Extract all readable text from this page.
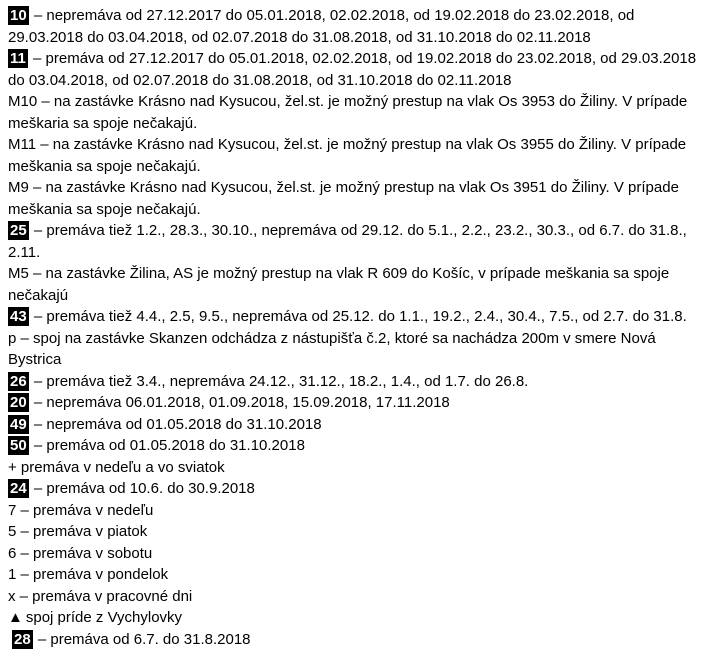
10 – nepremáva od 27.12.2017 do 05.01.2018, 02.02.2018, od 19.02.2018 do 23.02.2018, od 29.03.2018 do 03.04.2018, od 02.07.2018 do 31.08.2018, od 31.10.2018 do 02.11.2018

11 – premáva od 27.12.2017 do 05.01.2018, 02.02.2018, od 19.02.2018 do 23.02.2018, od 29.03.2018 do 03.04.2018, od 02.07.2018 do 31.08.2018, od 31.10.2018 do 02.11.2018

M10 – na zastávke Krásno nad Kysucou, žel.st. je možný prestup na vlak Os 3953 do Žiliny. V prípade meškaria sa spoje nečakajú.

M11 – na zastávke Krásno nad Kysucou, žel.st. je možný prestup na vlak Os 3955 do Žiliny. V prípade meškania sa spoje nečakajú.

M9 – na zastávke Krásno nad Kysucou, žel.st. je možný prestup na vlak Os 3951 do Žiliny. V prípade meškania sa spoje nečakajú.

25 – premáva tiež 1.2., 28.3., 30.10., nepremáva od 29.12. do 5.1., 2.2., 23.2., 30.3., od 6.7. do 31.8., 2.11.

M5 – na zastávke Žilina, AS je možný prestup na vlak R 609 do Košíc, v prípade meškania sa spoje nečakajú

43 – premáva tiež 4.4., 2.5, 9.5., nepremáva od 25.12. do 1.1., 19.2., 2.4., 30.4., 7.5., od 2.7. do 31.8.

p – spoj na zastávke Skanzen odchádza z nástupišťa č.2, ktoré sa nachádza 200m v smere Nová Bystrica

26 – premáva tiež 3.4., nepremáva 24.12., 31.12., 18.2., 1.4., od 1.7. do 26.8.

20 – nepremáva 06.01.2018, 01.09.2018, 15.09.2018, 17.11.2018

49 – nepremáva od 01.05.2018 do 31.10.2018

50 – premáva od 01.05.2018 do 31.10.2018

+ premáva v nedeľu a vo sviatok

24 – premáva od 10.6. do 30.9.2018

7 – premáva v nedeľu

5 – premáva v piatok

6 – premáva v sobotu

1 – premáva v pondelok

x – premáva v pracovné dni

▲ spoj príde z Vychylovky

28 – premáva od 6.7. do 31.8.2018
